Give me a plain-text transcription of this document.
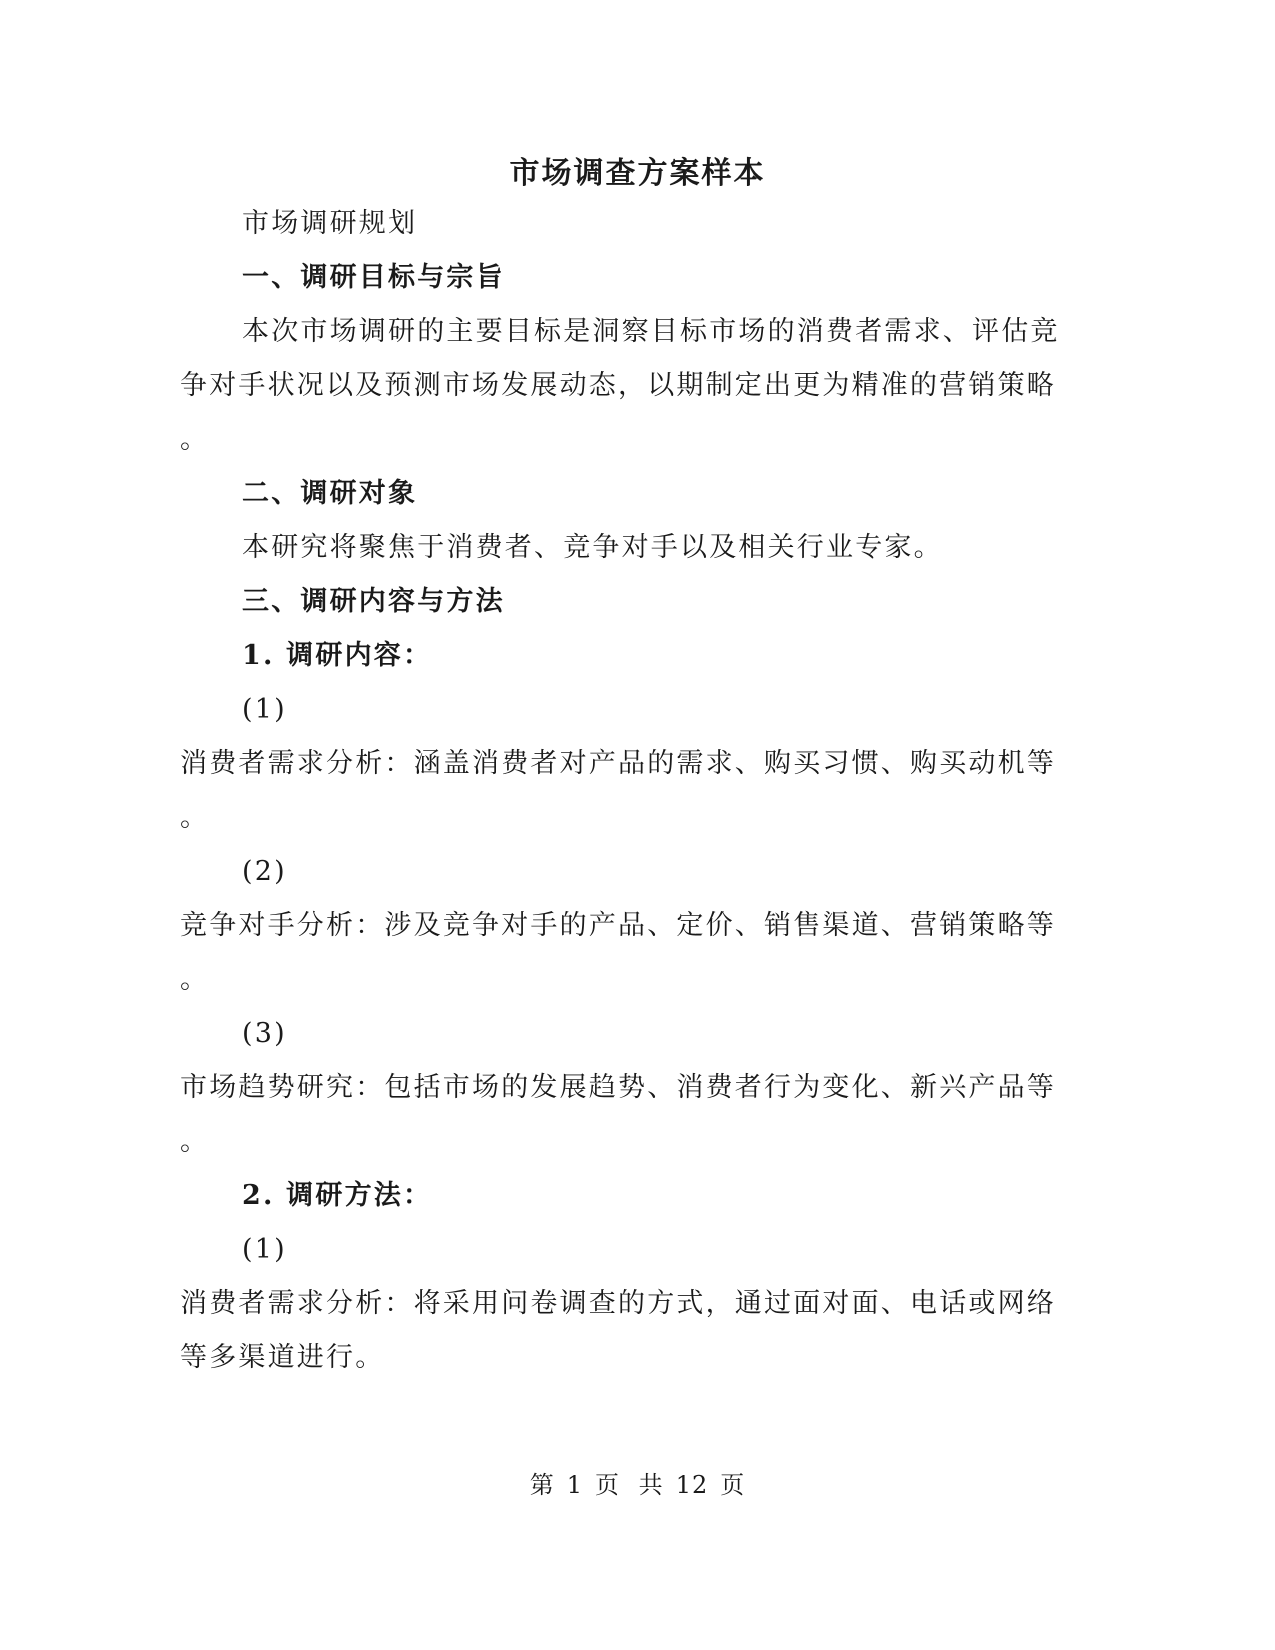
市场调查方案样本
市场调研规划
一、调研目标与宗旨
本次市场调研的主要目标是洞察目标市场的消费者需求、评估竞
争对手状况以及预测市场发展动态，以期制定出更为精准的营销策略
。
二、调研对象
本研究将聚焦于消费者、竞争对手以及相关行业专家。
三、调研内容与方法
1. 调研内容：
(1)
消费者需求分析：涵盖消费者对产品的需求、购买习惯、购买动机等
。
(2)
竞争对手分析：涉及竞争对手的产品、定价、销售渠道、营销策略等
。
(3)
市场趋势研究：包括市场的发展趋势、消费者行为变化、新兴产品等
。
2. 调研方法：
(1)
消费者需求分析：将采用问卷调查的方式，通过面对面、电话或网络
等多渠道进行。
第 1 页 共 12 页
